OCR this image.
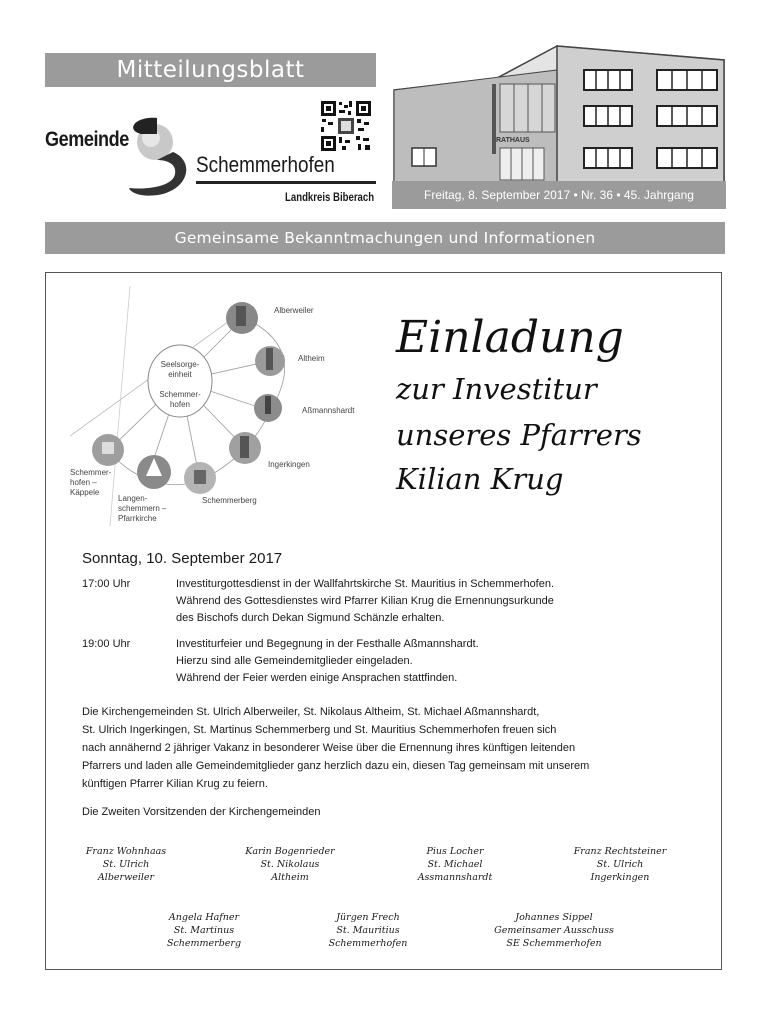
Mitteilungsblatt
Gemeinde
Schemmerhofen
Landkreis Biberach
RATHAUS
Freitag, 8. September 2017 • Nr. 36 • 45. Jahrgang
Gemeinsame Bekanntmachungen und Informationen
Seelsorge-
einheit
Schemmer-
hofen
Alberweiler
Altheim
Aßmannshardt
Ingerkingen
Schemmerberg
Langen-
schemmern –
Pfarrkirche
Schemmer-
hofen –
Käppele
Einladung
zur Investitur
unseres Pfarrers
Kilian Krug
Sonntag, 10. September 2017
17:00 Uhr	Investiturgottesdienst in der Wallfahrtskirche St. Mauritius in Schemmerhofen.
Während des Gottesdienstes wird Pfarrer Kilian Krug die Ernennungsurkunde
des Bischofs durch Dekan Sigmund Schänzle erhalten.
19:00 Uhr	Investiturfeier und Begegnung in der Festhalle Aßmannshardt.
Hierzu sind alle Gemeindemitglieder eingeladen.
Während der Feier werden einige Ansprachen stattfinden.
Die Kirchengemeinden St. Ulrich Alberweiler, St. Nikolaus Altheim, St. Michael Aßmannshardt,
St. Ulrich Ingerkingen, St. Martinus Schemmerberg und St. Mauritius Schemmerhofen freuen sich
nach annähernd 2 jähriger Vakanz in besonderer Weise über die Ernennung ihres künftigen leitenden
Pfarrers und laden alle Gemeindemitglieder ganz herzlich dazu ein, diesen Tag gemeinsam mit unserem
künftigen Pfarrer Kilian Krug zu feiern.
Die Zweiten Vorsitzenden der Kirchengemeinden
Franz Wohnhaas
St. Ulrich
Alberweiler
Karin Bogenrieder
St. Nikolaus
Altheim
Pius Locher
St. Michael
Assmannshardt
Franz Rechtsteiner
St. Ulrich
Ingerkingen
Angela Hafner
St. Martinus
Schemmerberg
Jürgen Frech
St. Mauritius
Schemmerhofen
Johannes Sippel
Gemeinsamer Ausschuss
SE Schemmerhofen
